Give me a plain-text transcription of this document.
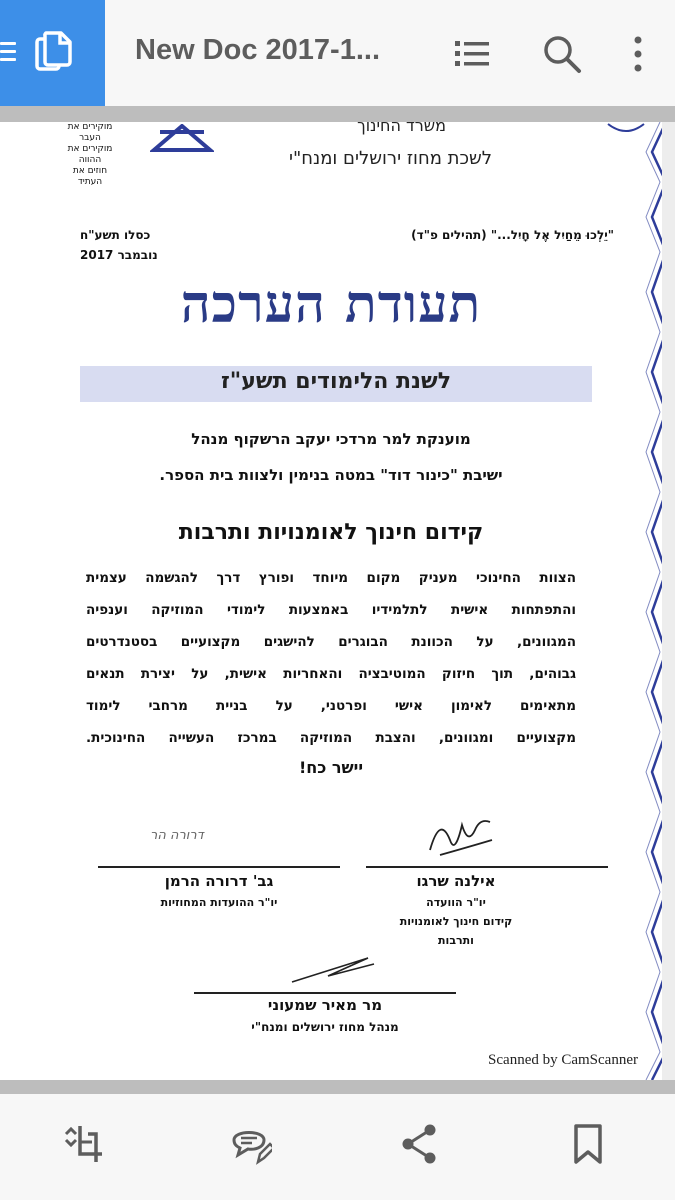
New Doc 2017-1...
מוקירים את העבר
מוקירים את ההווה
חוזים את העתיד
משרד החינוך
לשכת מחוז ירושלים ומנח"י
"יֵלְכוּ מֵחַיִל אֶל חָיִל..." (תהילים פ"ד)
כסלו תשע"ח
נובמבר 2017
תעודת הערכה
לשנת הלימודים תשע"ז
מוענקת למר מרדכי יעקב הרשקוף מנהל
ישיבת "כינור דוד" במטה בנימין ולצוות בית הספר.
קידום חינוך לאומנויות ותרבות
הצוות החינוכי מעניק מקום מיוחד ופורץ דרך להגשמה עצמית
והתפתחות אישית לתלמידיו באמצעות לימודי המוזיקה וענפיה
המגוונים, על הכוונת הבוגרים להישגים מקצועיים בסטנדרטים
גבוהים, תוך חיזוק המוטיבציה והאחריות אישית, על יצירת תנאים
מתאימים לאימון אישי ופרטני, על בניית מרחבי לימוד
מקצועיים ומגוונים, והצבת המוזיקה במרכז העשייה החינוכית.
יישר כח!
דרורה הר
גב' דרורה הרמן
יו"ר ההועדות המחוזיות
אילנה שרגו
יו"ר הוועדה
קידום חינוך לאומנויות
ותרבות
מר מאיר שמעוני
מנהל מחוז ירושלים ומנח"י
Scanned by CamScanner
